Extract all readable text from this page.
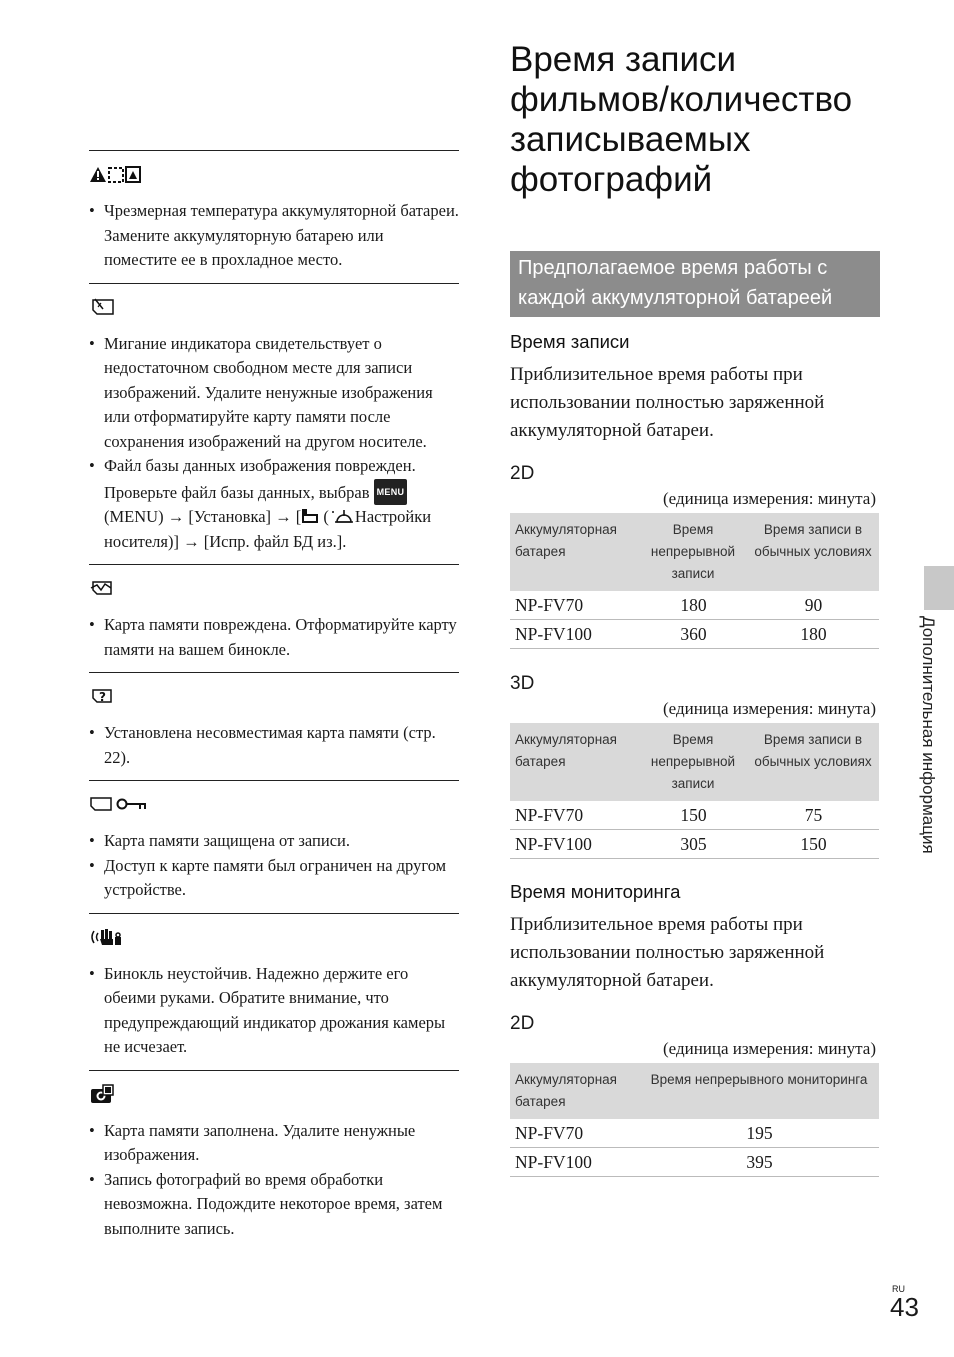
• Чрезмерная температура аккумуляторной батареи. Замените аккумуляторную батарею или поместите ее в прохладное место.
• Мигание индикатора свидетельствует о недостаточном свободном месте для записи изображений. Удалите ненужные изображения или отформатируйте карту памяти после сохранения изображений на другом носителе.
• Файл базы данных изображения поврежден. Проверьте файл базы данных, выбрав MENU (MENU) → [Установка] → [ ( Настройки носителя)] → [Испр. файл БД из.].
• Карта памяти повреждена. Отформатируйте карту памяти на вашем бинокле.
?
• Установлена несовместимая карта памяти (стр. 22).
• Карта памяти защищена от записи.
• Доступ к карте памяти был ограничен на другом устройстве.
• Бинокль неустойчив. Надежно держите его обеими руками. Обратите внимание, что предупреждающий индикатор дрожания камеры не исчезает.
• Карта памяти заполнена. Удалите ненужные изображения.
• Запись фотографий во время обработки невозможна. Подождите некоторое время, затем выполните запись.
Время записи фильмов/количество записываемых фотографий
Предполагаемое время работы с каждой аккумуляторной батареей
Время записи
Приблизительное время работы при использовании полностью заряженной аккумуляторной батареи.
2D
(единица измерения: минута)
Аккумуляторная батарея	Время непрерывной записи	Время записи в обычных условиях
NP-FV70	180	90
NP-FV100	360	180
3D
(единица измерения: минута)
Аккумуляторная батарея	Время непрерывной записи	Время записи в обычных условиях
NP-FV70	150	75
NP-FV100	305	150
Время мониторинга
Приблизительное время работы при использовании полностью заряженной аккумуляторной батареи.
2D
(единица измерения: минута)
Аккумуляторная батарея	Время непрерывного мониторинга
NP-FV70	195
NP-FV100	395
Дополнительная информация
RU
43
